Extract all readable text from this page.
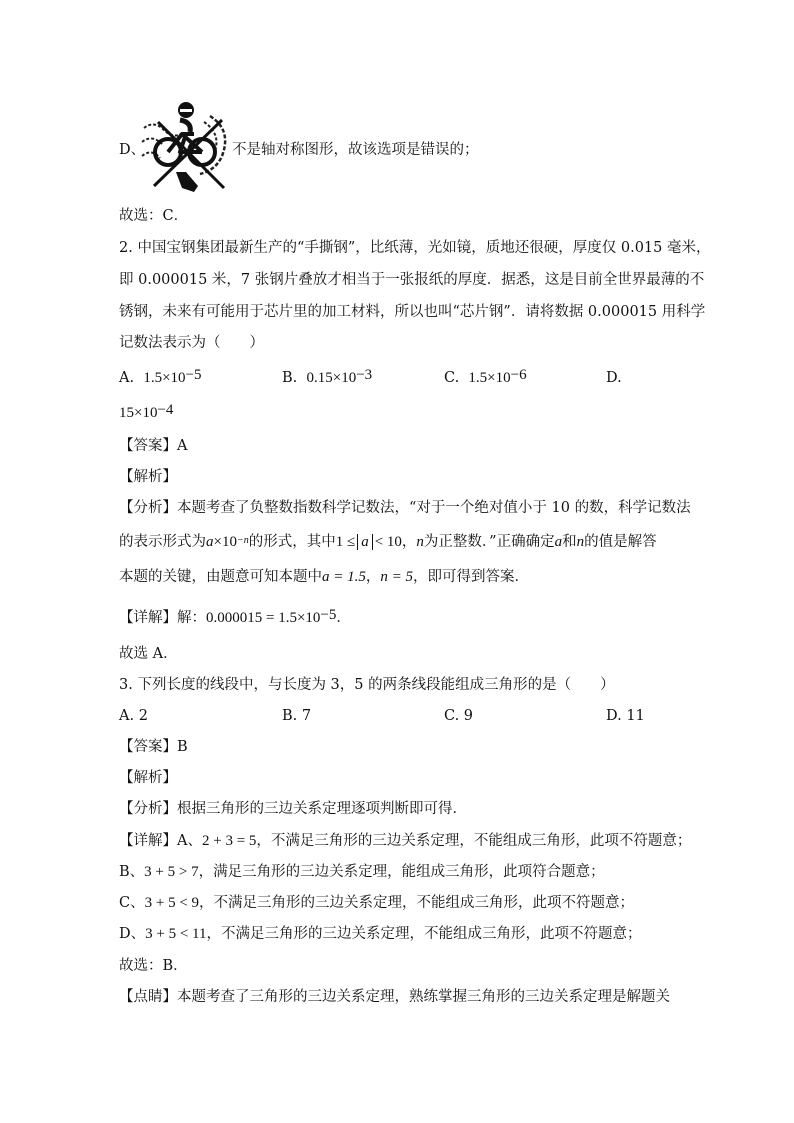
D、	不是轴对称图形，故该选项是错误的；
故选：C．
2. 中国宝钢集团最新生产的“手撕钢”，比纸薄，光如镜，质地还很硬，厚度仅 0.015 毫米，
即 0.000015 米，7 张钢片叠放才相当于一张报纸的厚度．据悉，这是目前全世界最薄的不
锈钢，未来有可能用于芯片里的加工材料，所以也叫“芯片钢”．请将数据 0.000015 用科学
记数法表示为（　　）
A. $1.5\times 10^{-5}$	B. $0.15\times 10^{-3}$	C. $1.5\times 10^{-6}$	D.
$15\times 10^{-4}$
【答案】A
【解析】
【分析】本题考查了负整数指数科学记数法，“对于一个绝对值小于 10 的数，科学记数法
的表示形式为$a\times 10^{-n}$的形式，其中1 ≤ a < 10，n为正整数．”正确确定a和n的值是解答
本题的关键，由题意可知本题中a = 1.5，n = 5，即可得到答案．
【详解】解：$0.000015 = 1.5\times 10^{-5}$．
故选 A．
3. 下列长度的线段中，与长度为 3，5 的两条线段能组成三角形的是（　　）
A. 2	B. 7	C. 9	D. 11
【答案】B
【解析】
【分析】根据三角形的三边关系定理逐项判断即可得．
【详解】A、2 + 3 = 5，不满足三角形的三边关系定理，不能组成三角形，此项不符题意；
B、3 + 5 > 7，满足三角形的三边关系定理，能组成三角形，此项符合题意；
C、3 + 5 < 9，不满足三角形的三边关系定理，不能组成三角形，此项不符题意；
D、3 + 5 < 11，不满足三角形的三边关系定理，不能组成三角形，此项不符题意；
故选：B．
【点睛】本题考查了三角形的三边关系定理，熟练掌握三角形的三边关系定理是解题关
